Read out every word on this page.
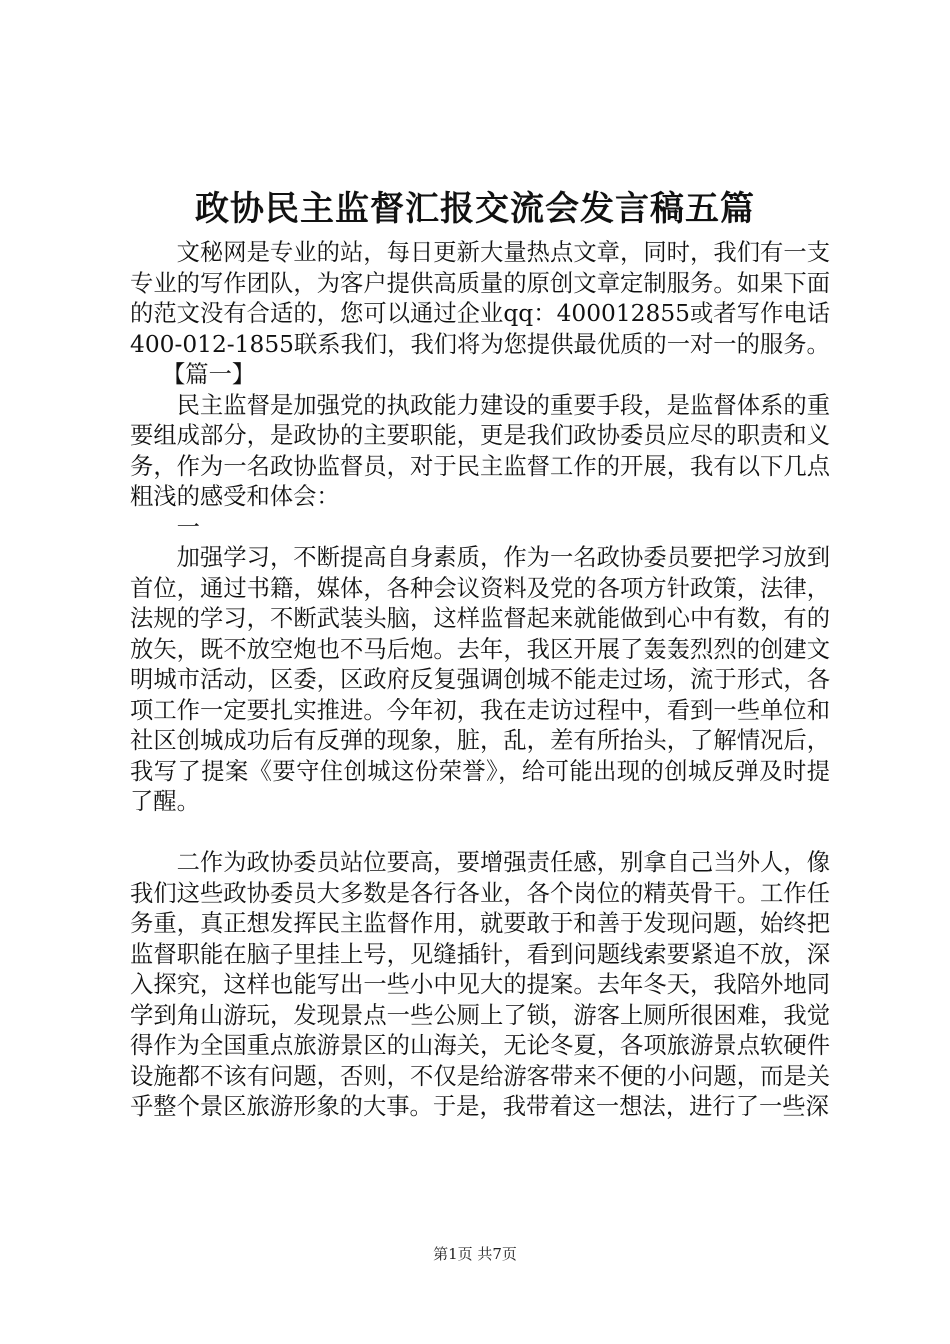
政协民主监督汇报交流会发言稿五篇

文秘网是专业的站，每日更新大量热点文章，同时，我们有一支专业的写作团队，为客户提供高质量的原创文章定制服务。如果下面的范文没有合适的，您可以通过企业qq：400012855或者写作电话400-012-1855联系我们，我们将为您提供最优质的一对一的服务。

【篇一】

民主监督是加强党的执政能力建设的重要手段，是监督体系的重要组成部分，是政协的主要职能，更是我们政协委员应尽的职责和义务，作为一名政协监督员，对于民主监督工作的开展，我有以下几点粗浅的感受和体会：

一

加强学习，不断提高自身素质，作为一名政协委员要把学习放到首位，通过书籍，媒体，各种会议资料及党的各项方针政策，法律，法规的学习，不断武装头脑，这样监督起来就能做到心中有数，有的放矢，既不放空炮也不马后炮。去年，我区开展了轰轰烈烈的创建文明城市活动，区委，区政府反复强调创城不能走过场，流于形式，各项工作一定要扎实推进。今年初，我在走访过程中，看到一些单位和社区创城成功后有反弹的现象，脏，乱，差有所抬头，了解情况后，我写了提案《要守住创城这份荣誉》，给可能出现的创城反弹及时提了醒。

二作为政协委员站位要高，要增强责任感，别拿自己当外人，像我们这些政协委员大多数是各行各业，各个岗位的精英骨干。工作任务重，真正想发挥民主监督作用，就要敢于和善于发现问题，始终把监督职能在脑子里挂上号，见缝插针，看到问题线索要紧追不放，深入探究，这样也能写出一些小中见大的提案。去年冬天，我陪外地同学到角山游玩，发现景点一些公厕上了锁，游客上厕所很困难，我觉得作为全国重点旅游景区的山海关，无论冬夏，各项旅游景点软硬件设施都不该有问题，否则，不仅是给游客带来不便的小问题，而是关乎整个景区旅游形象的大事。于是，我带着这一想法，进行了一些深

第1页 共7页
